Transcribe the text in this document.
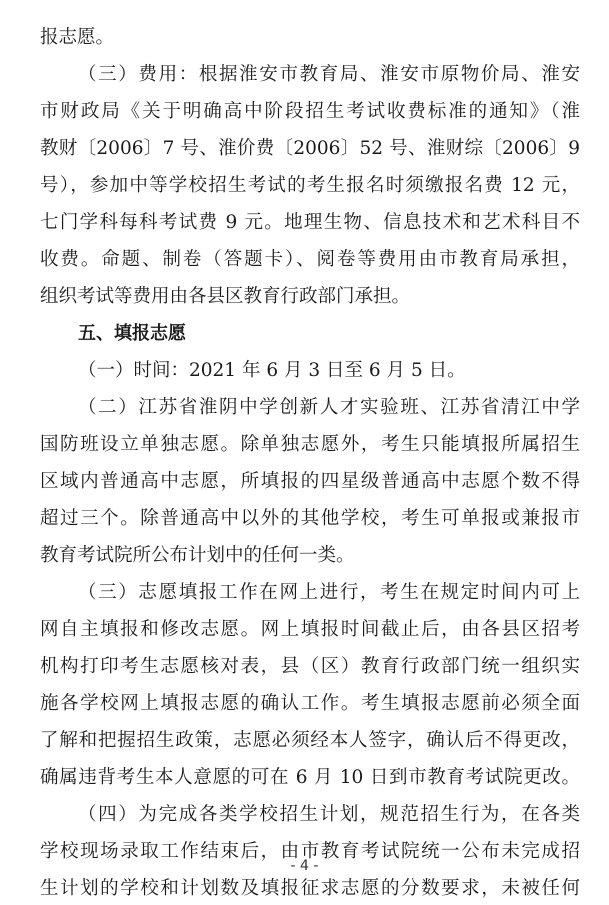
报志愿。
（三）费用：根据淮安市教育局、淮安市原物价局、淮安
市财政局《关于明确高中阶段招生考试收费标准的通知》（淮
教财〔2006〕7 号、淮价费〔2006〕52 号、淮财综〔2006〕9
号），参加中等学校招生考试的考生报名时须缴报名费 12 元，
七门学科每科考试费 9 元。地理生物、信息技术和艺术科目不
收费。命题、制卷（答题卡）、阅卷等费用由市教育局承担，
组织考试等费用由各县区教育行政部门承担。
五、填报志愿
（一）时间：2021 年 6 月 3 日至 6 月 5 日。
（二）江苏省淮阴中学创新人才实验班、江苏省清江中学
国防班设立单独志愿。除单独志愿外，考生只能填报所属招生
区域内普通高中志愿，所填报的四星级普通高中志愿个数不得
超过三个。除普通高中以外的其他学校，考生可单报或兼报市
教育考试院所公布计划中的任何一类。
（三）志愿填报工作在网上进行，考生在规定时间内可上
网自主填报和修改志愿。网上填报时间截止后，由各县区招考
机构打印考生志愿核对表，县（区）教育行政部门统一组织实
施各学校网上填报志愿的确认工作。考生填报志愿前必须全面
了解和把握招生政策，志愿必须经本人签字，确认后不得更改，
确属违背考生本人意愿的可在 6 月 10 日到市教育考试院更改。
（四）为完成各类学校招生计划，规范招生行为，在各类
学校现场录取工作结束后，由市教育考试院统一公布未完成招
生计划的学校和计划数及填报征求志愿的分数要求，未被任何
- 4 -
